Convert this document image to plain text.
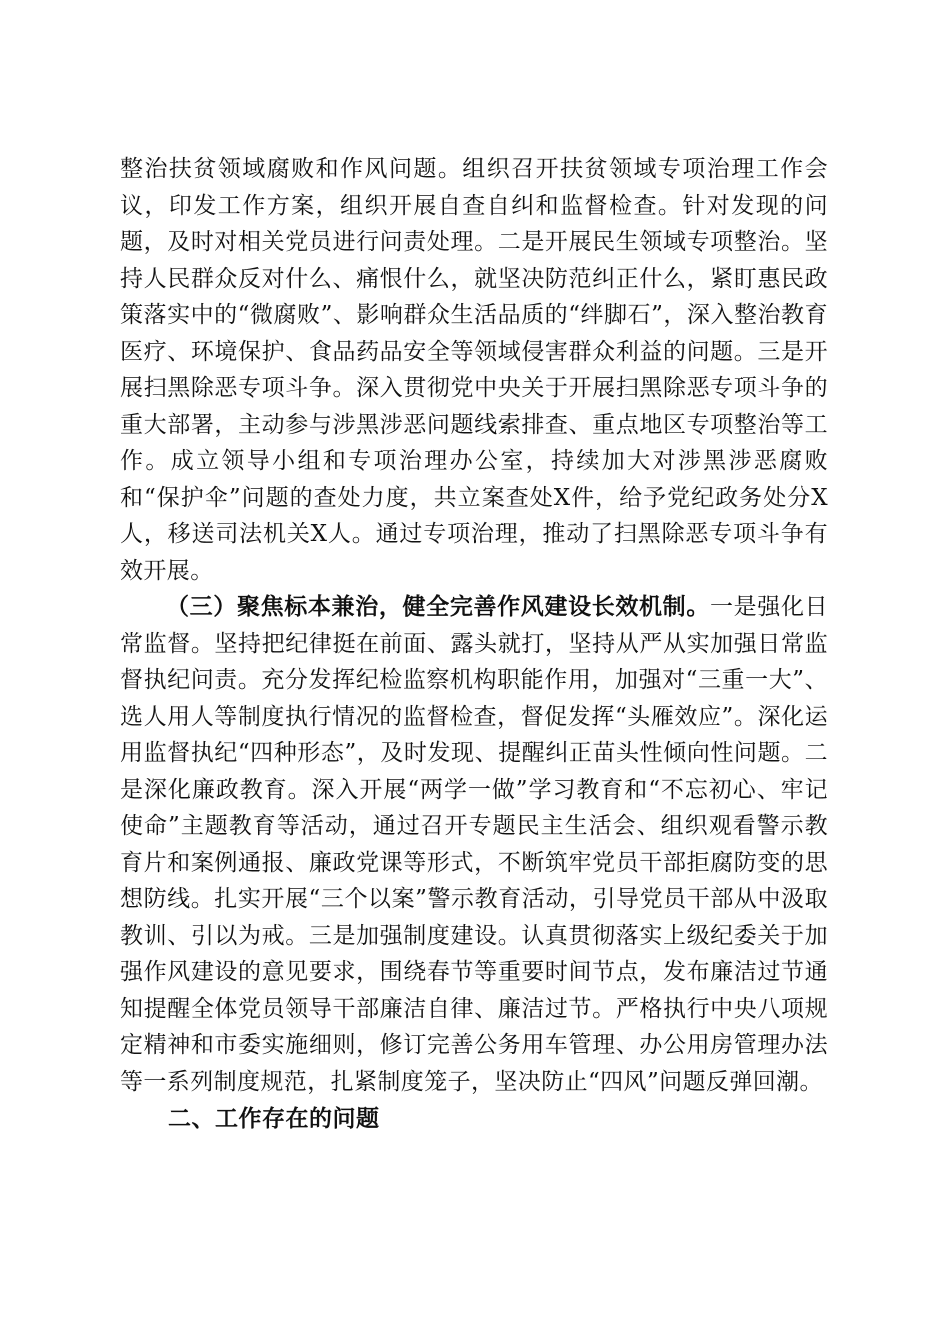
整治扶贫领域腐败和作风问题。组织召开扶贫领域专项治理工作会议，印发工作方案，组织开展自查自纠和监督检查。针对发现的问题，及时对相关党员进行问责处理。二是开展民生领域专项整治。坚持人民群众反对什么、痛恨什么，就坚决防范纠正什么，紧盯惠民政策落实中的“微腐败”、影响群众生活品质的“绊脚石”，深入整治教育医疗、环境保护、食品药品安全等领域侵害群众利益的问题。三是开展扫黑除恶专项斗争。深入贯彻党中央关于开展扫黑除恶专项斗争的重大部署，主动参与涉黑涉恶问题线索排查、重点地区专项整治等工作。成立领导小组和专项治理办公室，持续加大对涉黑涉恶腐败和“保护伞”问题的查处力度，共立案查处X件，给予党纪政务处分X人，移送司法机关X人。通过专项治理，推动了扫黑除恶专项斗争有效开展。

（三）聚焦标本兼治，健全完善作风建设长效机制。一是强化日常监督。坚持把纪律挺在前面、露头就打，坚持从严从实加强日常监督执纪问责。充分发挥纪检监察机构职能作用，加强对“三重一大”、选人用人等制度执行情况的监督检查，督促发挥“头雁效应”。深化运用监督执纪“四种形态”，及时发现、提醒纠正苗头性倾向性问题。二是深化廉政教育。深入开展“两学一做”学习教育和“不忘初心、牢记使命”主题教育等活动，通过召开专题民主生活会、组织观看警示教育片和案例通报、廉政党课等形式，不断筑牢党员干部拒腐防变的思想防线。扎实开展“三个以案”警示教育活动，引导党员干部从中汲取教训、引以为戒。三是加强制度建设。认真贯彻落实上级纪委关于加强作风建设的意见要求，围绕春节等重要时间节点，发布廉洁过节通知提醒全体党员领导干部廉洁自律、廉洁过节。严格执行中央八项规定精神和市委实施细则，修订完善公务用车管理、办公用房管理办法等一系列制度规范，扎紧制度笼子，坚决防止“四风”问题反弹回潮。

二、工作存在的问题
